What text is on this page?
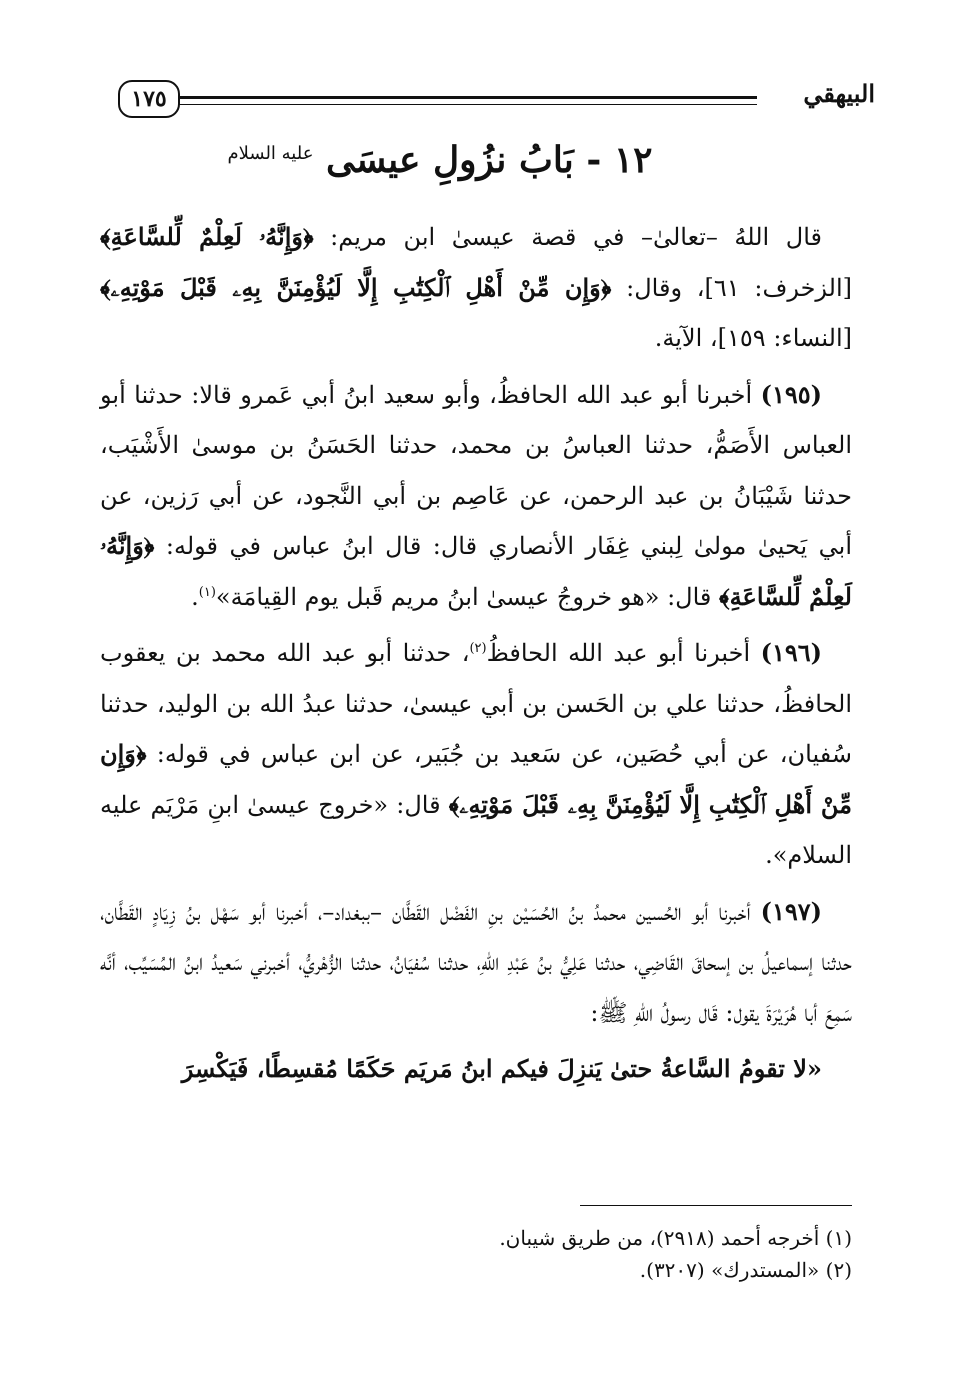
البيهقي
١٧٥
١٢ - بَابُ نزُولِ عيسَى $^{عليه السلام}$

قال اللهُ –تعالىٰ– في قصة عيسىٰ ابن مريم: ﴿وَإِنَّهُۥ لَعِلْمٌ لِّلسَّاعَةِ﴾ [الزخرف: ٦١]، وقال: ﴿وَإِن مِّنْ أَهْلِ ٱلْكِتَٰبِ إِلَّا لَيُؤْمِنَنَّ بِهِۦ قَبْلَ مَوْتِهِۦ﴾ [النساء: ١٥٩]، الآية.

(١٩٥) أخبرنا أبو عبد الله الحافظُ، وأبو سعيد ابنُ أبي عَمرو قالا: حدثنا أبو العباس الأَصَمُّ، حدثنا العباسُ بن محمد، حدثنا الحَسَنُ بن موسىٰ الأَشْيَب، حدثنا شَيْبَانُ بن عبد الرحمن، عن عَاصِم بن أبي النَّجود، عن أبي رَزين، عن أبي يَحيىٰ مولىٰ لِبني غِفَار الأنصاري قال: قال ابنُ عباس في قوله: ﴿وَإِنَّهُۥ لَعِلْمٌ لِّلسَّاعَةِ﴾ قال: «هو خروجُ عيسىٰ ابنُ مريم قَبل يوم القِيامَة»$^{(١)}$.

(١٩٦) أخبرنا أبو عبد الله الحافظُ$^{(٢)}$، حدثنا أبو عبد الله محمد بن يعقوب الحافظُ، حدثنا علي بن الحَسن بن أبي عيسىٰ، حدثنا عبدُ الله بن الوليد، حدثنا سُفيان، عن أبي حُصَين، عن سَعيد بن جُبَير، عن ابن عباس في قوله: ﴿وَإِن مِّنْ أَهْلِ ٱلْكِتَٰبِ إِلَّا لَيُؤْمِنَنَّ بِهِۦ قَبْلَ مَوْتِهِۦ﴾ قال: «خروج عيسىٰ ابنِ مَرْيَم عليه السلام».

(١٩٧) أخبرنا أبو الحُسين محمدُ بنُ الحُسَيْن بنِ الفَضْل القَطَّان –ببغداد–، أخبرنا أبو سَهْل بنُ زِيَادٍ القَطَّان، حدثنا إسماعيلُ بن إسحاقَ القَاضِي، حدثنا عَلِيُّ بنُ عَبْدِ اللهِ، حدثنا سُفيَانُ، حدثنا الزُّهْريُّ، أخبرني سَعيدُ ابنُ المُسَيِّب، أنَّه سَمِعَ أبا هُرَيْرَةَ يقول: قَال رسولُ اللهِ ﷺ:

«لا تقومُ السَّاعةُ حتىٰ يَنزِلَ فيكم ابنُ مَريَم حَكَمًا مُقسِطًا، فَيَكْسِرَ

(١) أخرجه أحمد (٢٩١٨)، من طريق شيبان.

(٢) «المستدرك» (٣٢٠٧).
